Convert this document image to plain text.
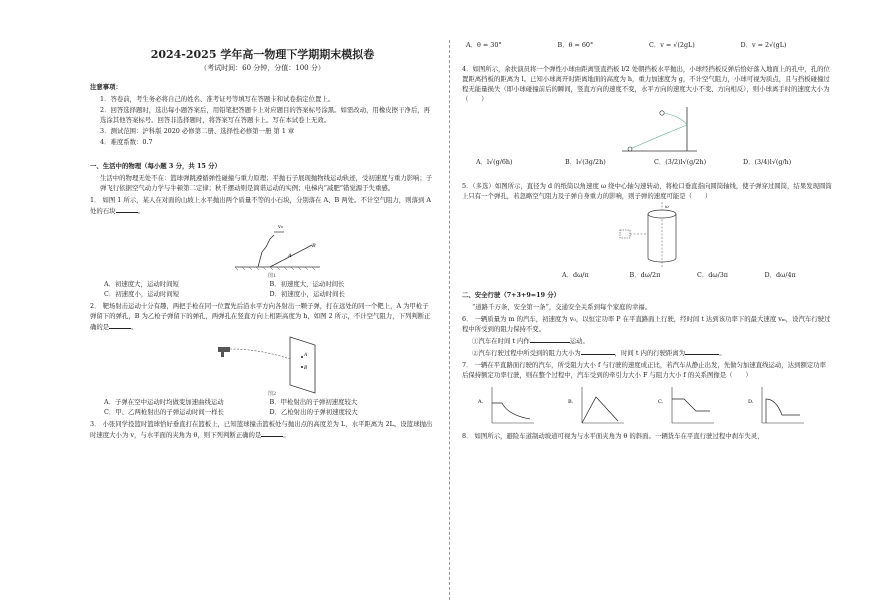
2024-2025 学年高一物理下学期期末模拟卷

（考试时间：60 分钟，分值：100 分）

注意事项：
1．答卷前，考生务必将自己的姓名、准考证号等填写在答题卡和试卷指定位置上。
2．回答选择题时，选出每小题答案后，用铅笔把答题卡上对应题目的答案标号涂黑。如需改动，用橡皮擦干净后，再选涂其他答案标号。回答非选择题时，将答案写在答题卡上。写在本试卷上无效。
3．测试范围：沪科版 2020 必修第二册、选择性必修第一册 第 1 章
4．难度系数：0.7
一、生活中的物理（每小题 3 分，共 15 分）
生活中的物理无处不在：篮球弹跳遵循弹性碰撞与重力原理；平抛石子展现抛物线运动轨迹，受初速度与重力影响；子弹飞行依据空气动力学与牛顿第二定律；秋千摆动则是简谐运动的实例；电梯内“减肥”错觉源于失重感。
1． 如图 1 所示，某人在对面的山坡上水平抛出两个质量不等的小石块，分别落在 A、B 两处。不计空气阻力，则落到 A 处的石块	。
v₀
A
B
图1
A．初速度大，运动时间短	B．初速度大，运动时间长
C．初速度小，运动时间短	D．初速度小，运动时间长
2． 靶场射击运动十分有趣，两把手枪在同一位置先后沿水平方向各射出一颗子弹，打在远处的同一个靶上，A 为甲枪子弹留下的弹孔，B 为乙枪子弹留下的弹孔，两弹孔在竖直方向上相距高度为 h，如图 2 所示，不计空气阻力，下列判断正确的是	。
A
B
图2
A．子弹在空中运动时均做变加速曲线运动	B．甲枪射出的子弹初速度较大
C．甲、乙两枪射出的子弹运动时间一样长	D．乙枪射出的子弹初速度较大
3． 小张同学投篮时篮球恰好垂直打在篮板上，已知篮球撞击篮板处与抛出点的高度差为 L，水平距离为 2L。设篮球抛出时速度大小为 v，与水平面的夹角为 θ，则下列判断正确的是	。
A．θ = 30°	B．θ = 60°	C．v = √(2gL)	D．v = 2√(gL)
4．如图所示，余扶演员将一个弹性小球由距离竖直挡板 l/2 处朝挡板水平抛出，小球经挡板反弹后恰好落入地面上的孔中，孔的位置距离挡板的距离为 l。已知小球离开时距离地面的高度为 h，重力加速度为 g，不计空气阻力，小球可视为质点，且与挡板碰撞过程无能量损失（即小球碰撞前后的瞬间，竖直方向的速度不变，水平方向的速度大小不变、方向相反），则小球离手时的速度大小为（　　）
A．l√(g/6h)	B．l√(3g/2h)	C．(3/2)l√(g/2h)	D．(3/4)l√(g/h)
5．（多选）如图所示，直径为 d 的纸筒以角速度 ω 绕中心轴匀速转动，将枪口垂直指向圆筒轴线，使子弹穿过圆筒，结果发现圆筒上只有一个弹孔，若忽略空气阻力及子弹自身重力的影响，则子弹的速度可能是（　　）
ω
A．dω/π	B．dω/2π	C．dω/3π	D．dω/4π
二、安全行驶（7+3+9=19 分）
“道路千万条，安全第一条”，交通安全关系到每个家庭的幸福。
6． 一辆质量为 m 的汽车，初速度为 v₀，以恒定功率 P 在平直路面上行驶，经时间 t 达到该功率下的最大速度 vₘ，设汽车行驶过程中所受到的阻力保持不变。
①汽车在时间 t 内作	运动。
②汽车行驶过程中所受到的阻力大小为	，时间 t 内的行驶距离为	。
7． 一辆在平直路面行驶的汽车，所受阻力大小 f 与行驶的速度成正比，若汽车从静止出发，先做匀加速直线运动，达到额定功率后保持额定功率行驶，则在整个过程中，汽车受到的牵引力大小 F 与阻力大小 f 的关系图像是（　　）
A.	B.	C.	D.
8． 如图所示，避险车道制动坡道可视为与水平面夹角为 θ 的斜面。一辆货车在平直行驶过程中刹车失灵，
